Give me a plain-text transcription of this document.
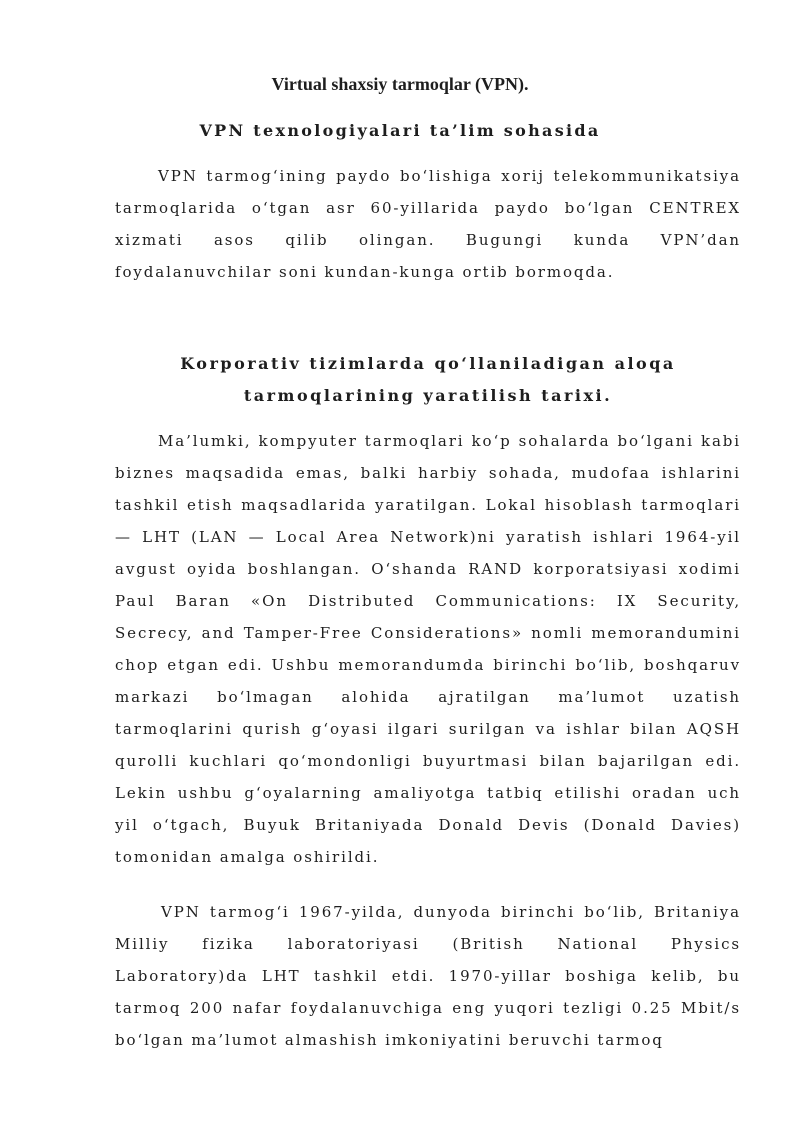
Virtual shaxsiy tarmoqlar (VPN).
VPN texnologiyalari ta’lim sohasida

VPN tarmog‘ining paydo bo‘lishiga xorij telekommunikatsiya tarmoqlarida o‘tgan asr 60-yillarida paydo bo‘lgan CENTREX xizmati asos qilib olingan. Bugungi kunda VPN’dan foydalanuvchilar soni kundan-kunga ortib bormoqda.

Korporativ tizimlarda qo‘llaniladigan aloqa tarmoqlarining yaratilish tarixi.

Ma’lumki, kompyuter tarmoqlari ko‘p sohalarda bo‘lgani kabi biznes maqsadida emas, balki harbiy sohada, mudofaa ishlarini tashkil etish maqsadlarida yaratilgan. Lokal hisoblash tarmoqlari — LHT (LAN — Local Area Network)ni yaratish ishlari 1964-yil avgust oyida boshlangan. O‘shanda RAND korporatsiyasi xodimi Paul Baran «On Distributed Communications: IX Security, Secrecy, and Tamper-Free Considerations» nomli memorandumini chop etgan edi. Ushbu memorandumda birinchi bo‘lib, boshqaruv markazi bo‘lmagan alohida ajratilgan ma’lumot uzatish tarmoqlarini qurish g‘oyasi ilgari surilgan va ishlar bilan AQSH qurolli kuchlari qo‘mondonligi buyurtmasi bilan bajarilgan edi. Lekin ushbu g‘oyalarning amaliyotga tatbiq etilishi oradan uch yil o‘tgach, Buyuk Britaniyada Donald Devis (Donald Davies) tomonidan amalga oshirildi.

VPN tarmog‘i 1967-yilda, dunyoda birinchi bo‘lib, Britaniya Milliy fizika laboratoriyasi (British National Physics Laboratory)da LHT tashkil etdi. 1970-yillar boshiga kelib, bu tarmoq 200 nafar foydalanuvchiga eng yuqori tezligi 0.25 Mbit/s bo‘lgan ma’lumot almashish imkoniyatini beruvchi tarmoq
